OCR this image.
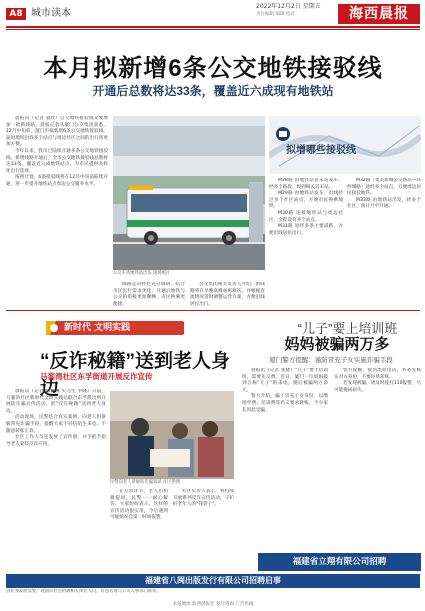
A8 城市读本
2022年12月2日 星期五
责任编辑 编辑 校对	海西晨报
本月拟新增6条公交地铁接驳线
开通后总数将达33条，覆盖近六成现有地铁站

晨报讯（记者 童欣）公交地铁接驳线又要增加一批新线路。晨报记者从厦门公交集团获悉，12月中旬前，厦门市拟新增6条公交地铁接驳线。届时地铁沿线多个站点与周边社区之间的出行将更加方便。

今年以来，我市已陆续开通多条公交地铁接驳线。新增线路开通后，全市公交地铁接驳线总数将达33条，覆盖近六成地铁站点，为市民提供多样化出行选择。

按照计划，6条接驳线将在12月中旬前陆续开通，进一步提升地铁站点周边公交服务水平。

公交车从地铁站出发 现场照片
拟增哪些接驳线

线路走向经过充分调研，结合市民出行需求优化。开通后地铁与公交的衔接更加顺畅，市民换乘更便捷。

公交集团相关负责人介绍，新线路将在早晚高峰加密班次，并根据客流情况适时调整运营方案，方便沿线居民出行。

M28路 由地铁站首末站发车，经多个路段，终到相关首末站。

M29路 由地铁站发车，沿线经过多个社区站点，方便市民换乘地铁。

M30路 连接地铁站与周边社区，全程设有多个站点。

M31路 途经多条主要道路，方便沿线居民出行。

M32路（集美新城公交场站—环西城路）途经多个站点，方便周边居民接驳地铁。

M33路 由地铁站出发，经多个社区，预计月中开通。

新时代 文明实践
“反诈秘籍”送到老人身边
马銮湾社区东孚街道开展反诈宣传

晨报讯（记者 陈雅琳 实习生 李晓）日前，马銮湾社区新时代文明实践站联合东孚派出所开展防诈骗宣传活动，把“反诈秘籍”送到老人身边。

活动现场，民警结合真实案例，向老人们讲解常见诈骗手段，提醒大家不轻信陌生来电、不随意转账汇款。

社区工作人员还发放了宣传册，并手把手指导老人安装反诈应用。

民警向老人讲解防诈骗知识 社区供图

在互动环节，老人们积极提问，民警一一耐心解答。大家纷纷表示，这样的宣传活动很实用，今后遇到可疑情况会第一时间报警。

社区负责人表示，将持续开展系列反诈宣传活动，守护好老年人的“钱袋子”。

“儿子”要上培训班
妈妈被骗两万多
厦门警方提醒：谨防冒充子女实施诈骗手段

晨报讯（记者 张晓）“儿子”要上培训班，需要先交费。近日，厦门一位妈妈接到自称“儿子”的来电，随后被骗两万余元。

警方介绍，骗子冒充子女身份，以缴纳学费、培训费等名义要求转账，不少家长因此受骗。

警方提醒，接到类似电话，务必先核实对方身份，不要轻易转账。

若发现被骗，请及时拨打110报警，尽可能挽回损失。

福建省立翔有限公司招聘
福建省八闽出版发行有限公司招聘启事
因业务发展需要，现面向社会招聘相关岗位人员，有意者请与公司人事部门联系。
本报地址 海西晨报社 发行咨询 广告热线
